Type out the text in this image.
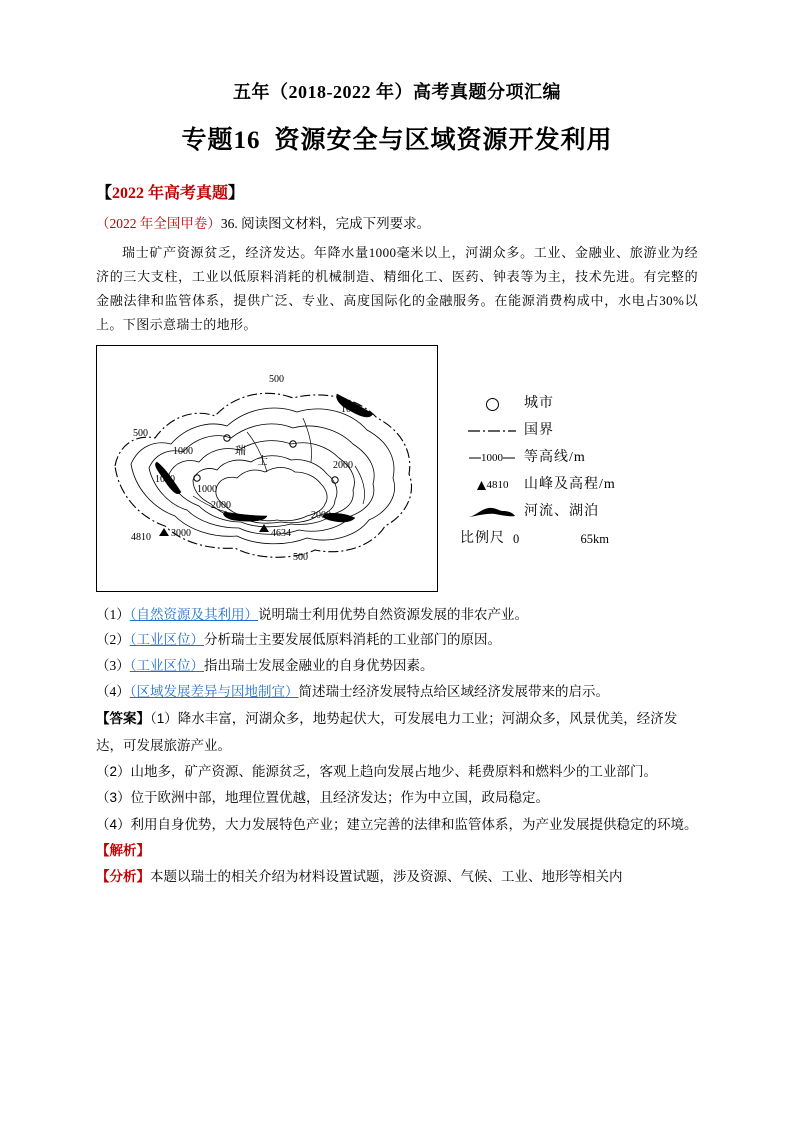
五年（2018-2022 年）高考真题分项汇编
专题16 资源安全与区域资源开发利用
【2022 年高考真题】
（2022 年全国甲卷）36. 阅读图文材料，完成下列要求。

瑞士矿产资源贫乏，经济发达。年降水量1000毫米以上，河湖众多。工业、金融业、旅游业为经济的三大支柱，工业以低原料消耗的机械制造、精细化工、医药、钟表等为主，技术先进。有完整的金融法律和监管体系，提供广泛、专业、高度国际化的金融服务。在能源消费构成中，水电占30%以上。下图示意瑞士的地形。

500
1000
500
1000
1000
1000
2000
2000
2000
3000
500
4810	4634
瑞
士
城市
国界
1000 等高线/m
4810 山峰及高程/m
河流、湖泊
比例尺 0	65km
（1）（自然资源及其利用）说明瑞士利用优势自然资源发展的非农产业。
（2）（工业区位）分析瑞士主要发展低原料消耗的工业部门的原因。
（3）（工业区位）指出瑞士发展金融业的自身优势因素。
（4）（区域发展差异与因地制宜）简述瑞士经济发展特点给区域经济发展带来的启示。
【答案】（1）降水丰富，河湖众多，地势起伏大，可发展电力工业；河湖众多，风景优美，经济发达，可发展旅游产业。
（2）山地多，矿产资源、能源贫乏，客观上趋向发展占地少、耗费原料和燃料少的工业部门。
（3）位于欧洲中部，地理位置优越，且经济发达；作为中立国，政局稳定。
（4）利用自身优势，大力发展特色产业；建立完善的法律和监管体系，为产业发展提供稳定的环境。
【解析】
【分析】本题以瑞士的相关介绍为材料设置试题，涉及资源、气候、工业、地形等相关内
